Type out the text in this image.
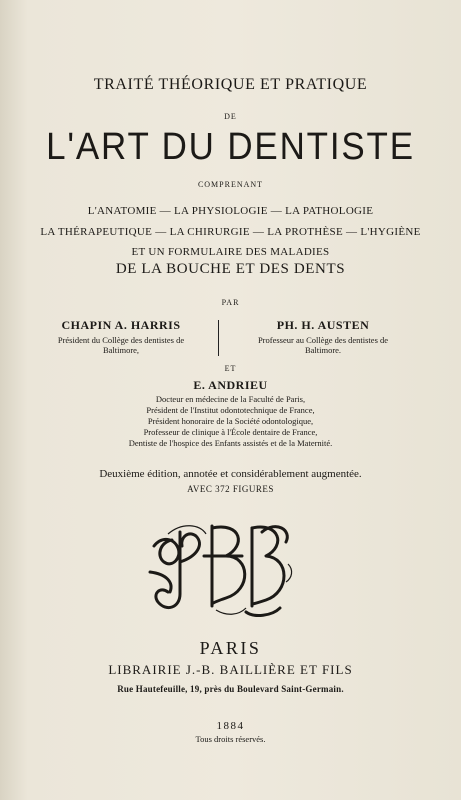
TRAITÉ THÉORIQUE ET PRATIQUE
DE
L'ART DU DENTISTE
COMPRENANT
L'ANATOMIE — LA PHYSIOLOGIE — LA PATHOLOGIE
LA THÉRAPEUTIQUE — LA CHIRURGIE — LA PROTHÈSE — L'HYGIÈNE
ET UN FORMULAIRE DES MALADIES
DE LA BOUCHE ET DES DENTS
PAR
CHAPIN A. HARRIS
Président du Collège des dentistes de
Baltimore,
PH. H. AUSTEN
Professeur au Collège des dentistes de
Baltimore.
ET
E. ANDRIEU
Docteur en médecine de la Faculté de Paris,
Président de l'Institut odontotechnique de France,
Président honoraire de la Société odontologique,
Professeur de clinique à l'École dentaire de France,
Dentiste de l'hospice des Enfants assistés et de la Maternité.
Deuxième édition, annotée et considérablement augmentée.
AVEC 372 FIGURES
PARIS
LIBRAIRIE J.-B. BAILLIÈRE ET FILS
Rue Hautefeuille, 19, près du Boulevard Saint-Germain.
1884
Tous droits réservés.
